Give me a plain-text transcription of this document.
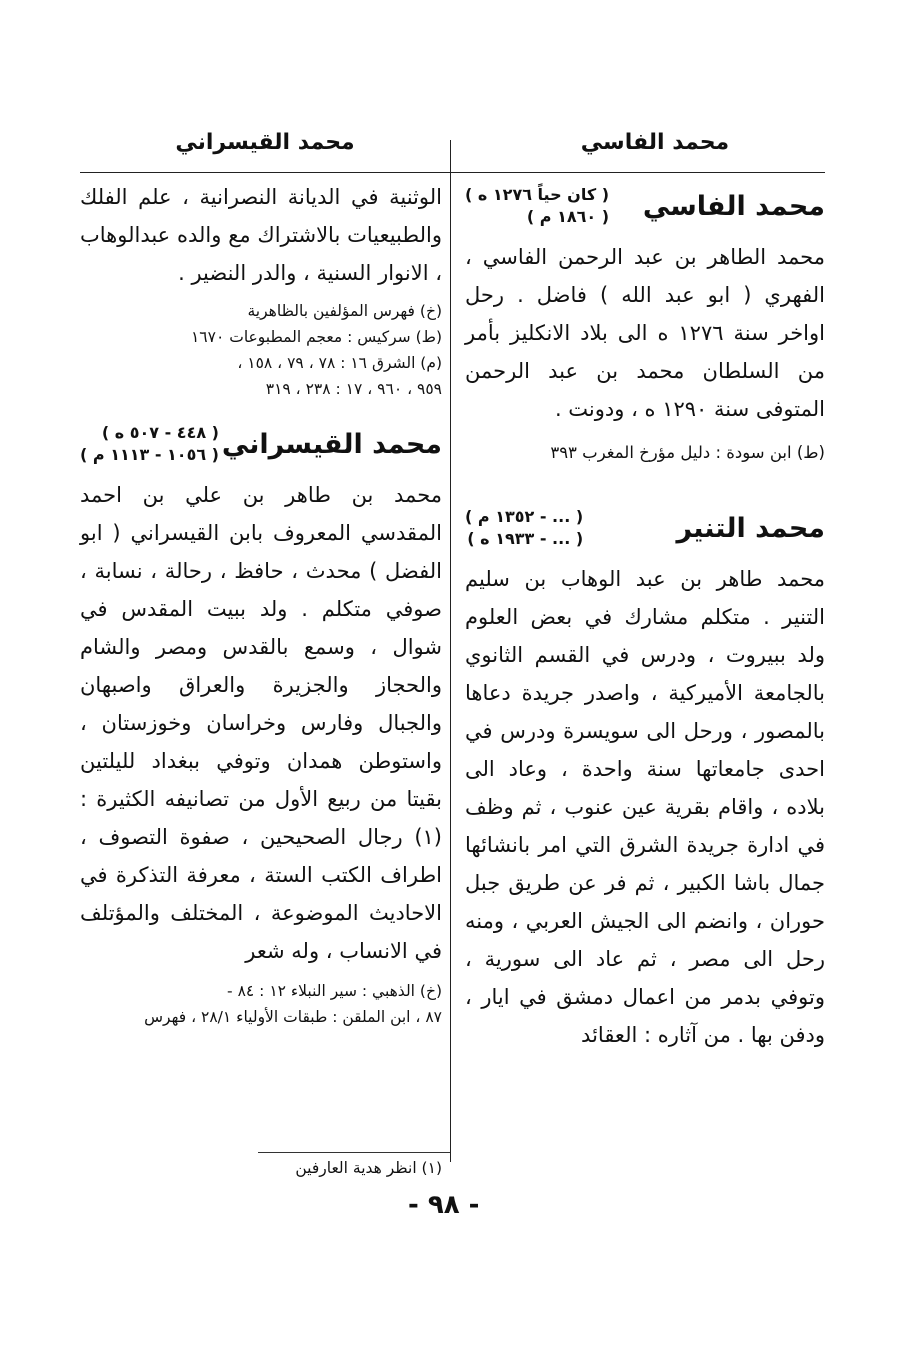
محمد الفاسي
محمد القيسراني
محمد الفاسي
( كان حياً ١٢٧٦ ه )
( ١٨٦٠ م )

محمد الطاهر بن عبد الرحمن الفاسي ، الفهري ( ابو عبد الله ) فاضل . رحل اواخر سنة ١٢٧٦ ه الى بلاد الانكليز بأمر من السلطان محمد بن عبد الرحمن المتوفى سنة ١٢٩٠ ه ، ودونت .

(ط) ابن سودة : دليل مؤرخ المغرب ٣٩٣

محمد التنير
( ... - ١٣٥٢ م )
( ... - ١٩٣٣ ه )

محمد طاهر بن عبد الوهاب بن سليم التنير . متكلم مشارك في بعض العلوم ولد ببيروت ، ودرس في القسم الثانوي بالجامعة الأميركية ، واصدر جريدة دعاها بالمصور ، ورحل الى سويسرة ودرس في احدى جامعاتها سنة واحدة ، وعاد الى بلاده ، واقام بقرية عين عنوب ، ثم وظف في ادارة جريدة الشرق التي امر بانشائها جمال باشا الكبير ، ثم فر عن طريق جبل حوران ، وانضم الى الجيش العربي ، ومنه رحل الى مصر ، ثم عاد الى سورية ، وتوفي بدمر من اعمال دمشق في ايار ، ودفن بها . من آثاره : العقائد

الوثنية في الديانة النصرانية ، علم الفلك والطبيعيات بالاشتراك مع والده عبدالوهاب ، الانوار السنية ، والدر النضير .

(خ) فهرس المؤلفين بالظاهرية

(ط) سركيس : معجم المطبوعات ١٦٧٠

(م) الشرق ١٦ : ٧٨ ، ٧٩ ، ١٥٨ ،

٩٥٩ ، ٩٦٠ ، ١٧ : ٢٣٨ ، ٣١٩

محمد القيسراني
( ٤٤٨ - ٥٠٧ ه )
( ١٠٥٦ - ١١١٣ م )

محمد بن طاهر بن علي بن احمد المقدسي المعروف بابن القيسراني ( ابو الفضل ) محدث ، حافظ ، رحالة ، نسابة ، صوفي متكلم . ولد ببيت المقدس في شوال ، وسمع بالقدس ومصر والشام والحجاز والجزيرة والعراق واصبهان والجبال وفارس وخراسان وخوزستان ، واستوطن همدان وتوفي ببغداد لليلتين بقيتا من ربيع الأول من تصانيفه الكثيرة : (١) رجال الصحيحين ، صفوة التصوف ، اطراف الكتب الستة ، معرفة التذكرة في الاحاديث الموضوعة ، المختلف والمؤتلف في الانساب ، وله شعر

(خ) الذهبي : سير النبلاء ١٢ : ٨٤ -

٨٧ ، ابن الملقن : طبقات الأولياء ٢٨/١ ، فهرس

(١) انظر هدية العارفين
- ٩٨ -
